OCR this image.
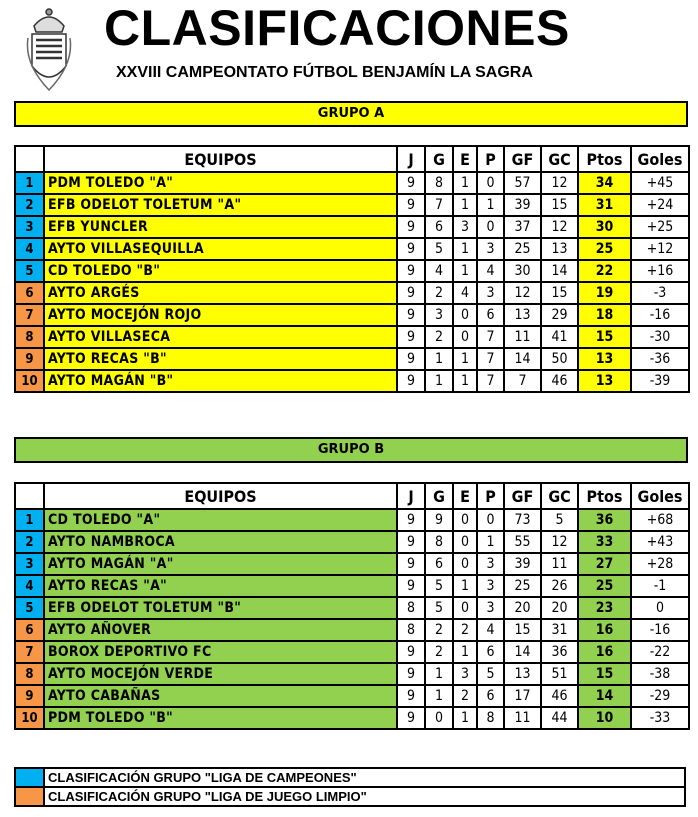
CLASIFICACIONES
XXVIII CAMPEONTATO FÚTBOL BENJAMÍN LA SAGRA
GRUPO A
	EQUIPOS	J	G	E	P	GF	GC	Ptos	Goles
1	PDM TOLEDO "A"	9	8	1	0	57	12	34	+45
2	EFB ODELOT TOLETUM "A"	9	7	1	1	39	15	31	+24
3	EFB YUNCLER	9	6	3	0	37	12	30	+25
4	AYTO VILLASEQUILLA	9	5	1	3	25	13	25	+12
5	CD TOLEDO "B"	9	4	1	4	30	14	22	+16
6	AYTO ARGÉS	9	2	4	3	12	15	19	-3
7	AYTO MOCEJÓN ROJO	9	3	0	6	13	29	18	-16
8	AYTO VILLASECA	9	2	0	7	11	41	15	-30
9	AYTO RECAS "B"	9	1	1	7	14	50	13	-36
10	AYTO MAGÁN "B"	9	1	1	7	7	46	13	-39
GRUPO B
	EQUIPOS	J	G	E	P	GF	GC	Ptos	Goles
1	CD TOLEDO "A"	9	9	0	0	73	5	36	+68
2	AYTO NAMBROCA	9	8	0	1	55	12	33	+43
3	AYTO MAGÁN "A"	9	6	0	3	39	11	27	+28
4	AYTO RECAS "A"	9	5	1	3	25	26	25	-1
5	EFB ODELOT TOLETUM "B"	8	5	0	3	20	20	23	0
6	AYTO AÑOVER	8	2	2	4	15	31	16	-16
7	BOROX DEPORTIVO FC	9	2	1	6	14	36	16	-22
8	AYTO MOCEJÓN VERDE	9	1	3	5	13	51	15	-38
9	AYTO CABAÑAS	9	1	2	6	17	46	14	-29
10	PDM TOLEDO "B"	9	0	1	8	11	44	10	-33
	CLASIFICACIÓN GRUPO "LIGA DE CAMPEONES"
	CLASIFICACIÓN GRUPO "LIGA DE JUEGO LIMPIO"
